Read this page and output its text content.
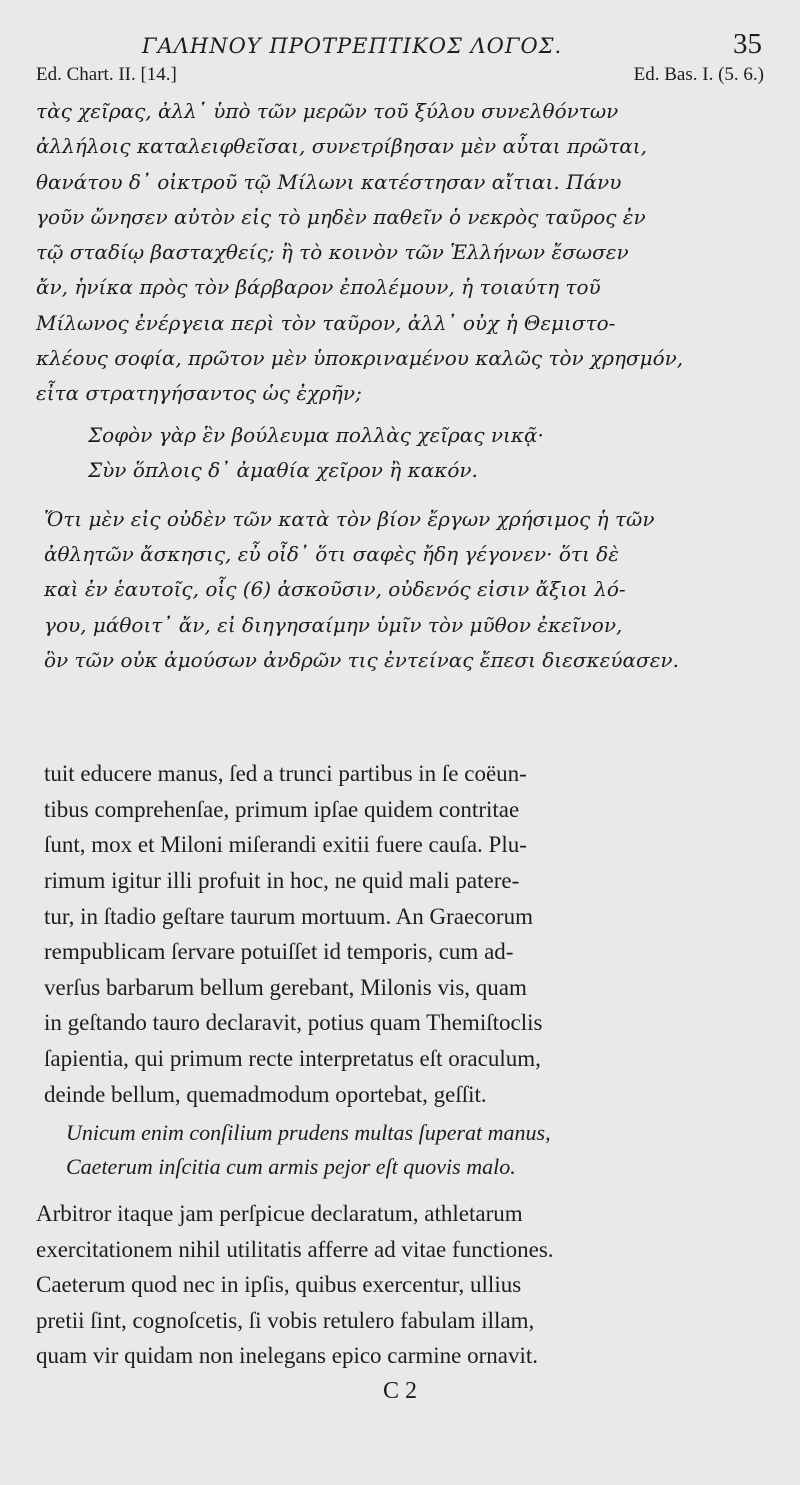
ΓΑΛΗΝΟΥ ΠΡΟΤΡΕΠΤΙΚΟΣ ΛΟΓΟΣ.	35
Ed. Chart. II. [14.]	Ed. Bas. I. (5. 6.)
τὰς χεῖρας, ἀλλ᾽ ὑπὸ τῶν μερῶν τοῦ ξύλου συνελθόντων
ἀλλήλοις καταλειφθεῖσαι, συνετρίβησαν μὲν αὗται πρῶται,
θανάτου δ᾽ οἰκτροῦ τῷ Μίλωνι κατέστησαν αἴτιαι. Πάνυ
γοῦν ὤνησεν αὐτὸν εἰς τὸ μηδὲν παθεῖν ὁ νεκρὸς ταῦρος ἐν
τῷ σταδίῳ βασταχθείς; ἢ τὸ κοινὸν τῶν Ἑλλήνων ἔσωσεν
ἄν, ἡνίκα πρὸς τὸν βάρβαρον ἐπολέμουν, ἡ τοιαύτη τοῦ
Μίλωνος ἐνέργεια περὶ τὸν ταῦρον, ἀλλ᾽ οὐχ ἡ Θεμιστο-
κλέους σοφία, πρῶτον μὲν ὑποκριναμένου καλῶς τὸν χρησμόν,
εἶτα στρατηγήσαντος ὡς ἐχρῆν;
Σοφὸν γὰρ ἓν βούλευμα πολλὰς χεῖρας νικᾷ·
Σὺν ὅπλοις δ᾽ ἀμαθία χεῖρον ἢ κακόν.
Ὅτι μὲν εἰς οὐδὲν τῶν κατὰ τὸν βίον ἔργων χρήσιμος ἡ τῶν
ἀθλητῶν ἄσκησις, εὖ οἶδ᾽ ὅτι σαφὲς ἤδη γέγονεν· ὅτι δὲ
καὶ ἐν ἑαυτοῖς, οἷς (6) ἀσκοῦσιν, οὐδενός εἰσιν ἄξιοι λό-
γου, μάθοιτ᾽ ἄν, εἰ διηγησαίμην ὑμῖν τὸν μῦθον ἐκεῖνον,
ὃν τῶν οὐκ ἀμούσων ἀνδρῶν τις ἐντείνας ἔπεσι διεσκεύασεν.
tuit educere manus, ſed a trunci partibus in ſe coëun-
tibus comprehenſae, primum ipſae quidem contritae
ſunt, mox et Miloni miſerandi exitii fuere cauſa. Plu-
rimum igitur illi profuit in hoc, ne quid mali patere-
tur, in ſtadio geſtare taurum mortuum. An Graecorum
rempublicam ſervare potuiſſet id temporis, cum ad-
verſus barbarum bellum gerebant, Milonis vis, quam
in geſtando tauro declaravit, potius quam Themiſtoclis
ſapientia, qui primum recte interpretatus eſt oraculum,
deinde bellum, quemadmodum oportebat, geſſit.
Unicum enim conſilium prudens multas ſuperat manus,
Caeterum inſcitia cum armis pejor eſt quovis malo.
Arbitror itaque jam perſpicue declaratum, athletarum
exercitationem nihil utilitatis afferre ad vitae functiones.
Caeterum quod nec in ipſis, quibus exercentur, ullius
pretii ſint, cognoſcetis, ſi vobis retulero fabulam illam,
quam vir quidam non inelegans epico carmine ornavit.
C 2
